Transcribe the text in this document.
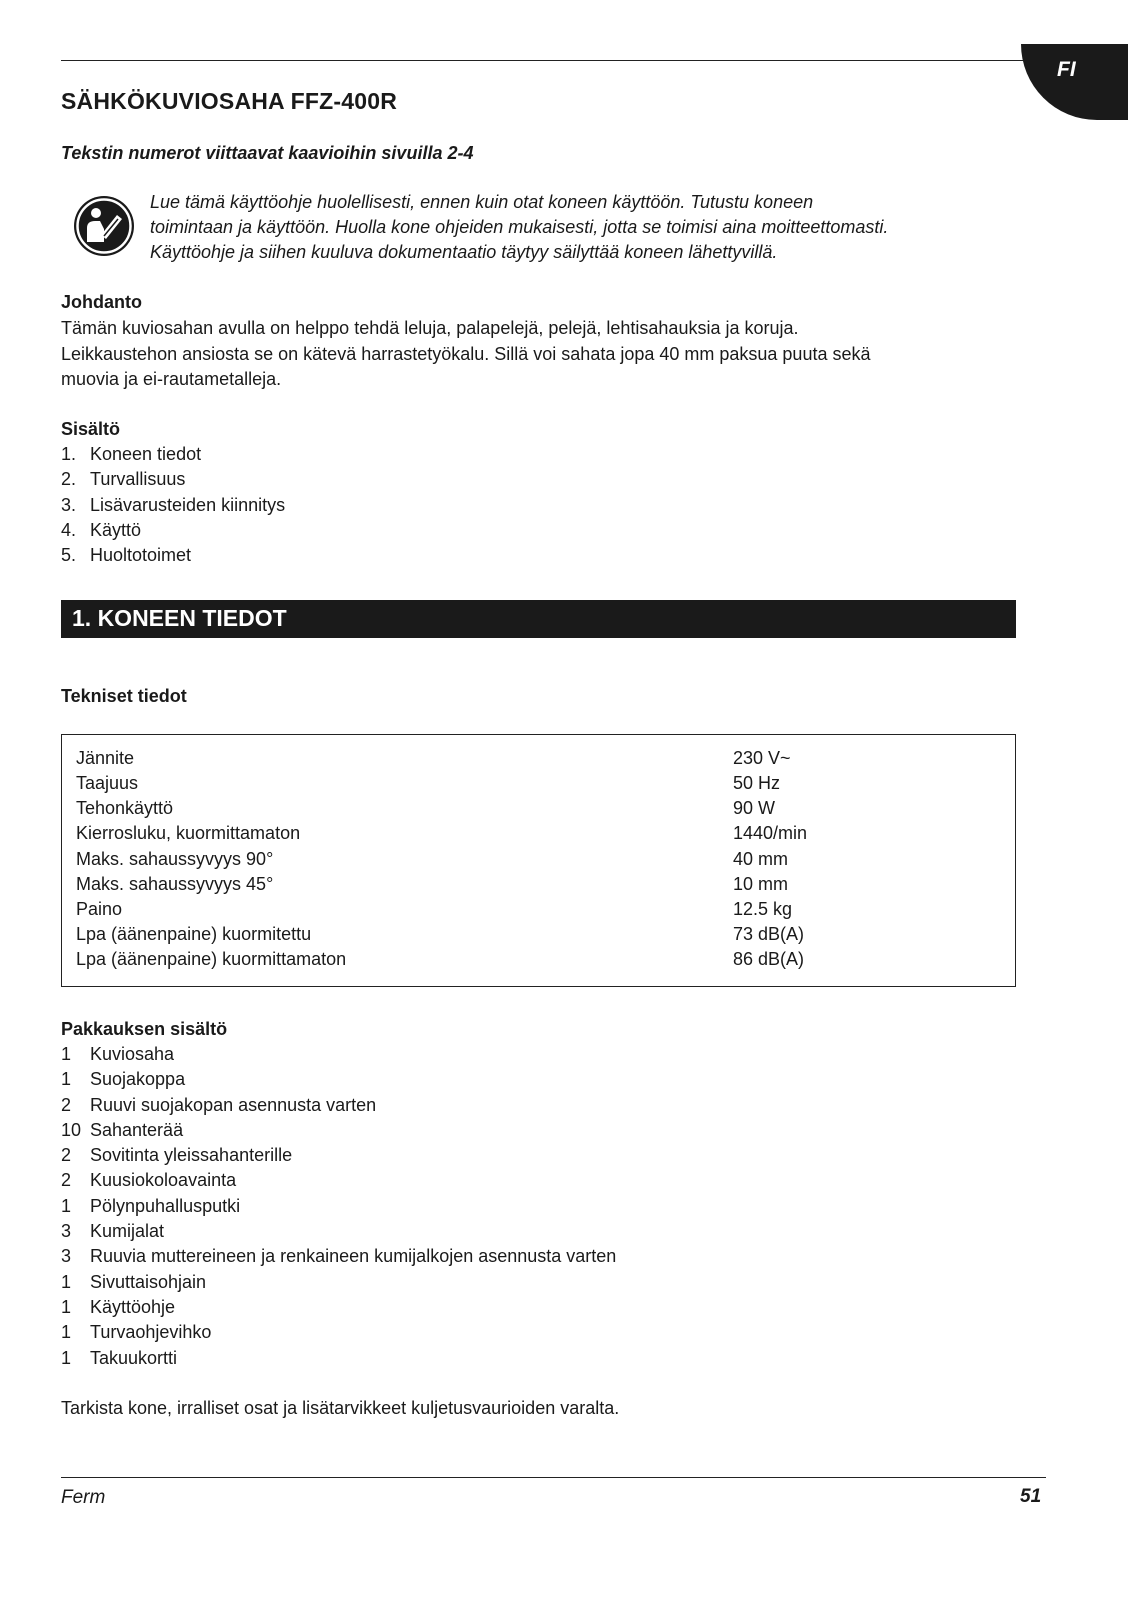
FI
SÄHKÖKUVIOSAHA FFZ-400R
Tekstin numerot viittaavat kaavioihin sivuilla 2-4
Lue tämä käyttöohje huolellisesti, ennen kuin otat koneen käyttöön. Tutustu koneen
toimintaan ja käyttöön. Huolla kone ohjeiden mukaisesti, jotta se toimisi aina moitteettomasti.
Käyttöohje ja siihen kuuluva dokumentaatio täytyy säilyttää koneen lähettyvillä.
Johdanto
Tämän kuviosahan avulla on helppo tehdä leluja, palapelejä, pelejä, lehtisahauksia ja koruja.
Leikkaustehon ansiosta se on kätevä harrastetyökalu. Sillä voi sahata jopa 40 mm paksua puuta sekä
muovia ja ei-rautametalleja.
Sisältö
1. Koneen tiedot
2. Turvallisuus
3. Lisävarusteiden kiinnitys
4. Käyttö
5. Huoltotoimet
1. KONEEN TIEDOT
Tekniset tiedot
Jännite	230 V~
Taajuus	50 Hz
Tehonkäyttö	90 W
Kierrosluku, kuormittamaton	1440/min
Maks. sahaussyvyys 90°	40 mm
Maks. sahaussyvyys 45°	10 mm
Paino	12.5 kg
Lpa (äänenpaine) kuormitettu	73 dB(A)
Lpa (äänenpaine) kuormittamaton	86 dB(A)
Pakkauksen sisältö
1	Kuviosaha
1	Suojakoppa
2	Ruuvi suojakopan asennusta varten
10 Sahanterää
2	Sovitinta yleissahanterille
2	Kuusiokoloavainta
1	Pölynpuhallusputki
3	Kumijalat
3	Ruuvia muttereineen ja renkaineen kumijalkojen asennusta varten
1	Sivuttaisohjain
1	Käyttöohje
1	Turvaohjevihko
1	Takuukortti
Tarkista kone, irralliset osat ja lisätarvikkeet kuljetusvaurioiden varalta.
Ferm	51
